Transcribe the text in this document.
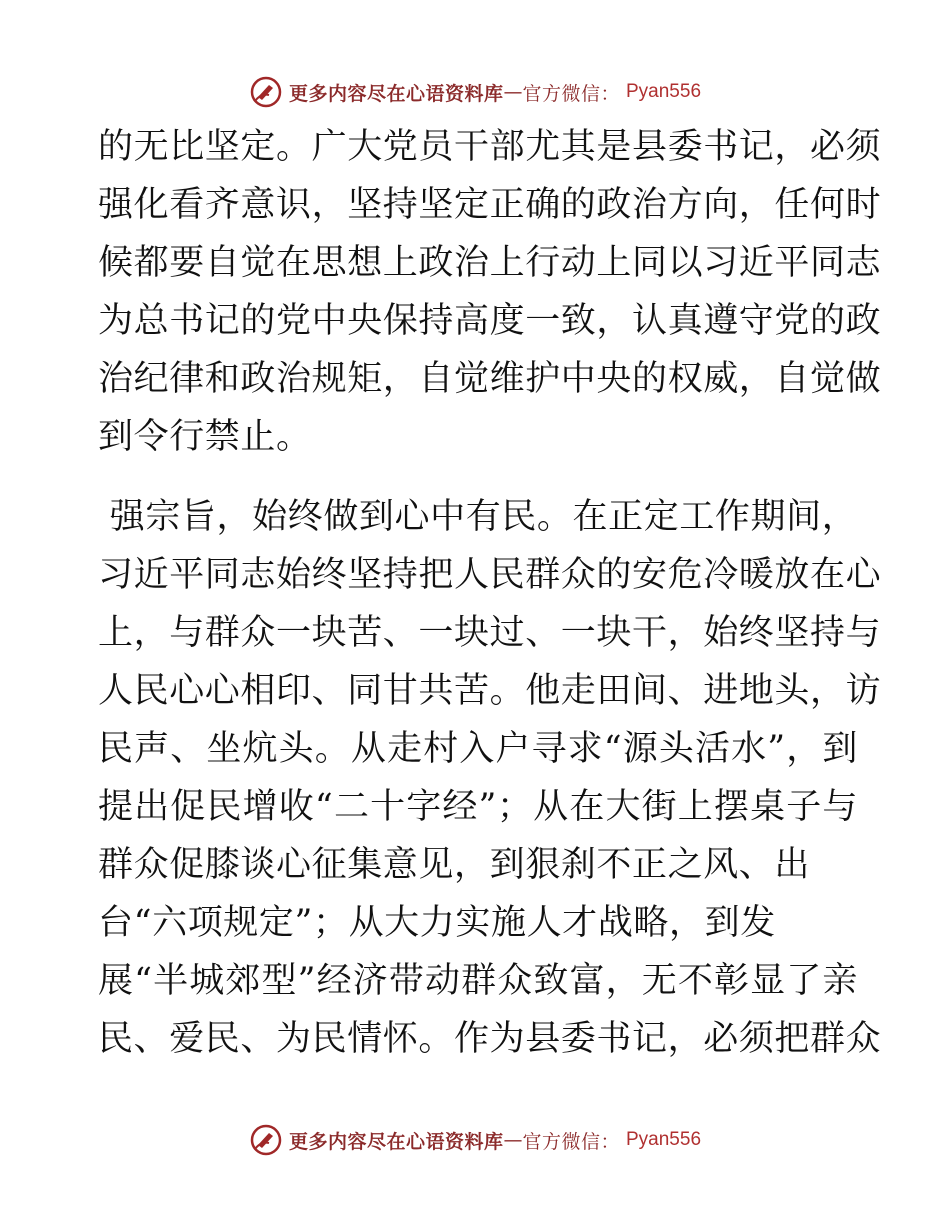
更多内容尽在心语资料库 — 官方微信： Pyan556
的无比坚定。广大党员干部尤其是县委书记，必须
强化看齐意识，坚持坚定正确的政治方向，任何时
候都要自觉在思想上政治上行动上同以习近平同志
为总书记的党中央保持高度一致，认真遵守党的政
治纪律和政治规矩，自觉维护中央的权威，自觉做
到令行禁止。
强宗旨，始终做到心中有民。在正定工作期间，
习近平同志始终坚持把人民群众的安危冷暖放在心
上，与群众一块苦、一块过、一块干，始终坚持与
人民心心相印、同甘共苦。他走田间、进地头，访
民声、坐炕头。从走村入户寻求“源头活水”，到
提出促民增收“二十字经”；从在大街上摆桌子与
群众促膝谈心征集意见，到狠刹不正之风、出
台“六项规定”；从大力实施人才战略，到发
展“半城郊型”经济带动群众致富，无不彰显了亲
民、爱民、为民情怀。作为县委书记，必须把群众
更多内容尽在心语资料库 — 官方微信： Pyan556
